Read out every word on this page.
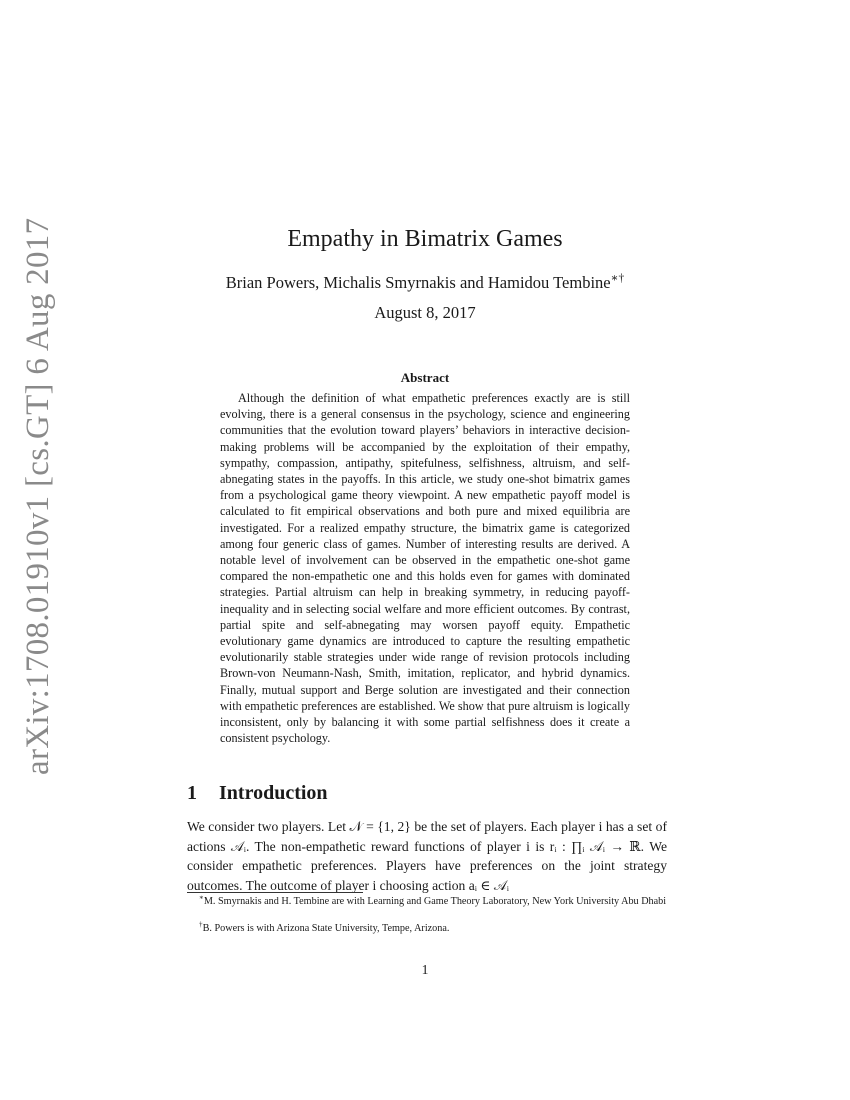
arXiv:1708.01910v1 [cs.GT] 6 Aug 2017	Empathy in Bimatrix Games
Brian Powers, Michalis Smyrnakis and Hamidou Tembine∗†
August 8, 2017
Abstract

Although the definition of what empathetic preferences exactly are is still evolving, there is a general consensus in the psychology, science and engineering communities that the evolution toward players’ behaviors in interactive decision-making problems will be accompanied by the exploitation of their empathy, sympathy, compassion, antipathy, spitefulness, selfishness, altruism, and self-abnegating states in the payoffs. In this article, we study one-shot bimatrix games from a psychological game theory viewpoint. A new empathetic payoff model is calculated to fit empirical observations and both pure and mixed equilibria are investigated. For a realized empathy structure, the bimatrix game is categorized among four generic class of games. Number of interesting results are derived. A notable level of involvement can be observed in the empathetic one-shot game compared the non-empathetic one and this holds even for games with dominated strategies. Partial altruism can help in breaking symmetry, in reducing payoff-inequality and in selecting social welfare and more efficient outcomes. By contrast, partial spite and self-abnegating may worsen payoff equity. Empathetic evolutionary game dynamics are introduced to capture the resulting empathetic evolutionarily stable strategies under wide range of revision protocols including Brown-von Neumann-Nash, Smith, imitation, replicator, and hybrid dynamics. Finally, mutual support and Berge solution are investigated and their connection with empathetic preferences are established. We show that pure altruism is logically inconsistent, only by balancing it with some partial selfishness does it create a consistent psychology.

1 Introduction

We consider two players. Let 𝒩 = {1, 2} be the set of players. Each player i has a set of actions 𝒜ᵢ. The non-empathetic reward functions of player i is rᵢ : ∏ᵢ 𝒜ᵢ → ℝ. We consider empathetic preferences. Players have preferences on the joint strategy outcomes. The outcome of player i choosing action aᵢ ∈ 𝒜ᵢ

∗M. Smyrnakis and H. Tembine are with Learning and Game Theory Laboratory, New York University Abu Dhabi

†B. Powers is with Arizona State University, Tempe, Arizona.

1
